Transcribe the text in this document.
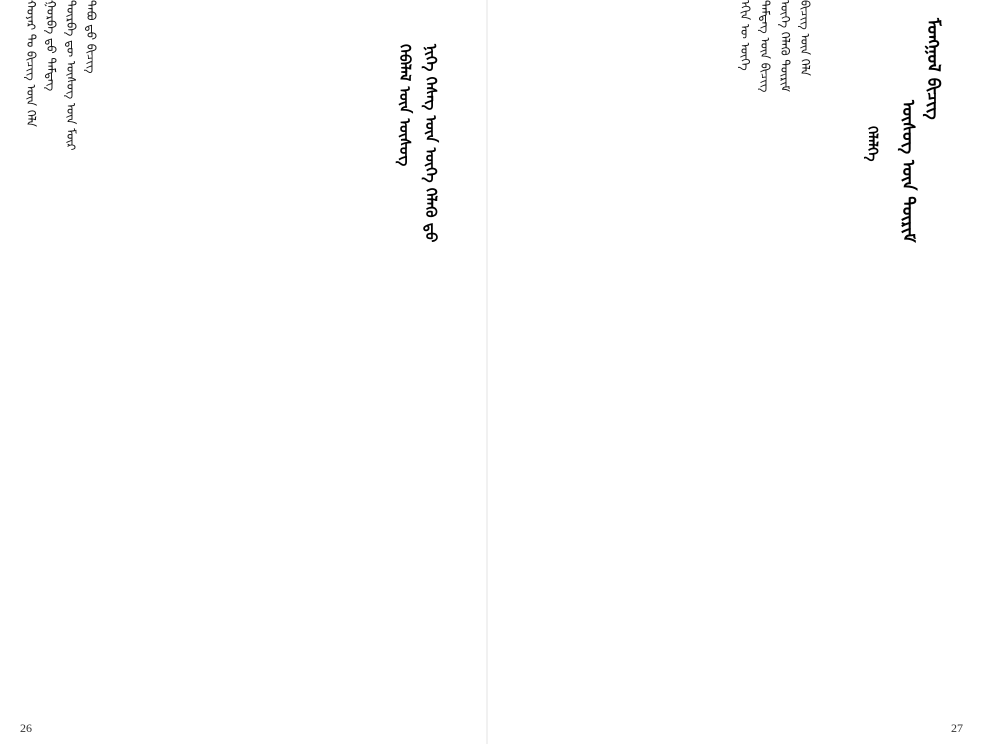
ᠬᠡᠪᠡᠯᠡᠯ ᠦᠨ ᠦᠰᠦᠭ ᠨᠢᠭᠡ ᠬᠡᠰᠡᠭ ᠦᠨ ᠦᠭᠡ ᠬᠡᠯᠡᠬᠦ ᠳ᠋ᠤ
ᠬᠣᠶᠠᠷ ᠲᠤ ᠪᠢᠴᠢᠭ ᠦᠨ ᠬᠡᠯᠡ ᠭᠤᠷᠪᠠ ᠳ᠋ᠤ ᠲᠡᠮᠳᠡᠭ ᠳᠥᠷᠪᠡ ᠳᠦ ᠦᠰᠦᠭ ᠦᠨ ᠮᠥᠷ ᠲᠠᠪᠤ ᠳ᠋ᠤ ᠪᠢᠴᠢᠭ
26
ᠮᠣᠩᠭᠣᠯ ᠪᠢᠴᠢᠭ
ᠦᠰᠦᠭ ᠦᠨ ᠳᠦᠷᠢᠮ
ᠬᠡᠯᠡᠯᠭᠡ
ᠡᠬᠢᠨ ᠦ ᠦᠭᠡ ᠲᠡᠮᠳᠡᠭ ᠦᠨ ᠪᠢᠴᠢᠭ ᠦᠭᠡ ᠬᠡᠯᠡᠬᠦ ᠳᠦᠷᠢᠮ ᠪᠢᠴᠢᠭ ᠦᠨ ᠬᠡᠯᠡ
27
